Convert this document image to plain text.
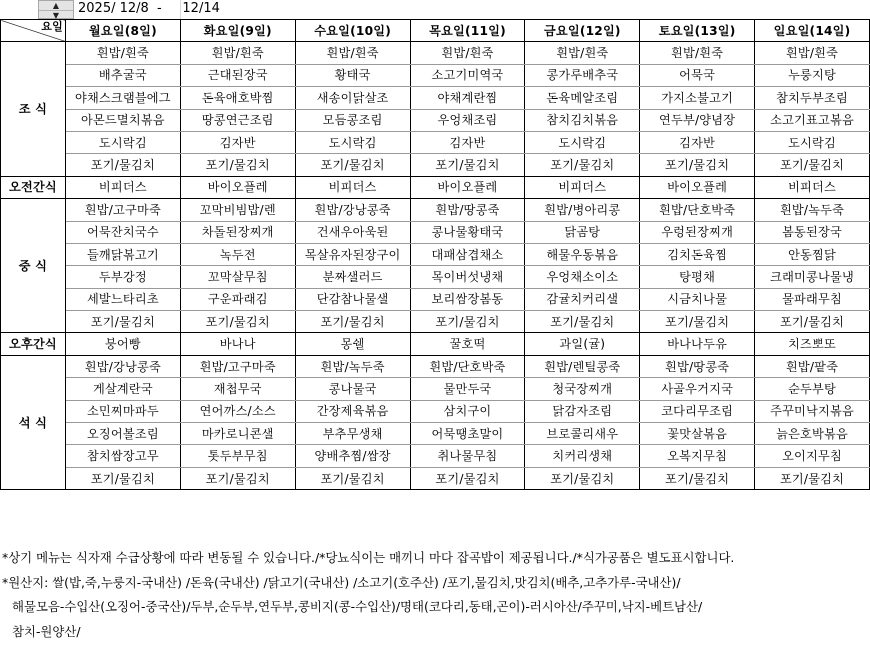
▲
▼	2025/ 12/8  -     12/14
요일	월요일(8일)	화요일(9일)	수요일(10일)	목요일(11일)	금요일(12일)	토요일(13일)	일요일(14일)
조 식	흰밥/흰죽	흰밥/흰죽	흰밥/흰죽	흰밥/흰죽	흰밥/흰죽	흰밥/흰죽	흰밥/흰죽
	배추굴국	근대된장국	황태국	소고기미역국	콩가루배추국	어묵국	누룽지탕
	야채스크램블에그	돈육애호박찜	새송이닭살조	야채계란찜	돈육메알조림	가지소불고기	참치두부조림
	아몬드멸치볶음	땅콩연근조림	모듬콩조림	우엉채조림	참치김치볶음	연두부/양념장	소고기표고볶음
	도시락김	김자반	도시락김	김자반	도시락김	김자반	도시락김
	포기/물김치	포기/물김치	포기/물김치	포기/물김치	포기/물김치	포기/물김치	포기/물김치
오전간식	비피더스	바이오플레	비피더스	바이오플레	비피더스	바이오플레	비피더스
중 식	흰밥/고구마죽	꼬막비빔밥/렌	흰밥/강낭콩죽	흰밥/땅콩죽	흰밥/병아리콩	흰밥/단호박죽	흰밥/녹두죽
	어묵잔치국수	차돌된장찌개	건새우아욱된	콩나물황태국	닭곰탕	우렁된장찌개	봄동된장국
	들깨닭볶고기	녹두전	목살유자된장구이	대패삼겹채소	해물우동볶음	김치돈육찜	안동찜닭
	두부강정	꼬막살무침	분짜샐러드	목이버섯냉채	우엉채소이소	탕평채	크래미콩나물냉
	세발느타리초	구운파래김	단감참나물샐	보리쌈장봄동	감귤치커리샐	시금치나물	물파래무침
	포기/물김치	포기/물김치	포기/물김치	포기/물김치	포기/물김치	포기/물김치	포기/물김치
오후간식	붕어빵	바나나	몽쉘	꿀호떡	과일(귤)	바나나두유	치즈뽀또
석 식	흰밥/강낭콩죽	흰밥/고구마죽	흰밥/녹두죽	흰밥/단호박죽	흰밥/렌틸콩죽	흰밥/땅콩죽	흰밥/팥죽
	게살계란국	재첩무국	콩나물국	물만두국	청국장찌개	사골우거지국	순두부탕
	소민찌마파두	연어까스/소스	간장제육볶음	삼치구이	닭감자조림	코다리무조림	주꾸미낙지볶음
	오징어볼조림	마카로니콘샐	부추무생채	어묵땡초말이	브로콜리새우	꽃맛살볶음	늙은호박볶음
	참치쌈장고무	톳두부무침	양배추찜/쌈장	취나물무침	치커리생채	오복지무침	오이지무침
	포기/물김치	포기/물김치	포기/물김치	포기/물김치	포기/물김치	포기/물김치	포기/물김치
*상기 메뉴는 식자재 수급상황에 따라 변동될 수 있습니다./*당뇨식이는 매끼니 마다 잡곡밥이 제공됩니다./*식가공품은 별도표시합니다.
*원산지: 쌀(밥,죽,누룽지-국내산) /돈육(국내산) /닭고기(국내산) /소고기(호주산) /포기,물김치,맛김치(배추,고추가루-국내산)/
해물모음-수입산(오징어-중국산)/두부,순두부,연두부,콩비지(콩-수입산)/명태(코다리,동태,곤이)-러시아산/주꾸미,낙지-베트남산/
참치-원양산/
